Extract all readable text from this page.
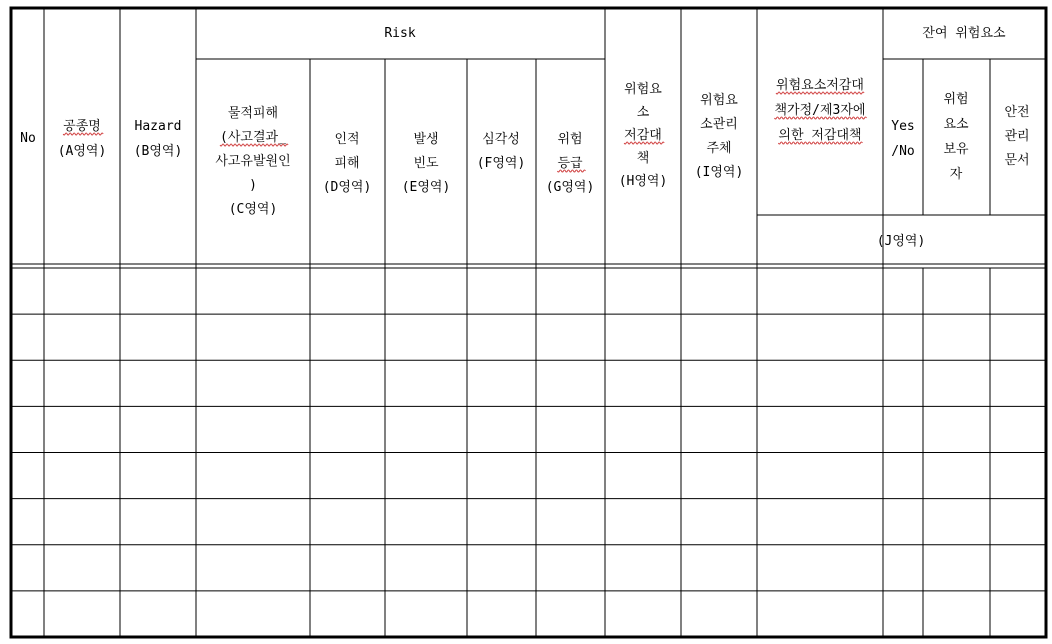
Risk	잔여 위험요소
(J영역)
No
공종명
(A영역)
Hazard
(B영역)
물적피해
(사고결과_
사고유발원인
)
(C영역)
인적
피해
(D영역)
발생
빈도
(E영역)
심각성
(F영역)
위험
등급
(G영역)
위험요
소
저감대
책
(H영역)
위험요
소관리
주체
(I영역)
위험요소저감대
책가정/제3자에
의한 저감대책
Yes
/No
위험
요소
보유
자
안전
관리
문서
